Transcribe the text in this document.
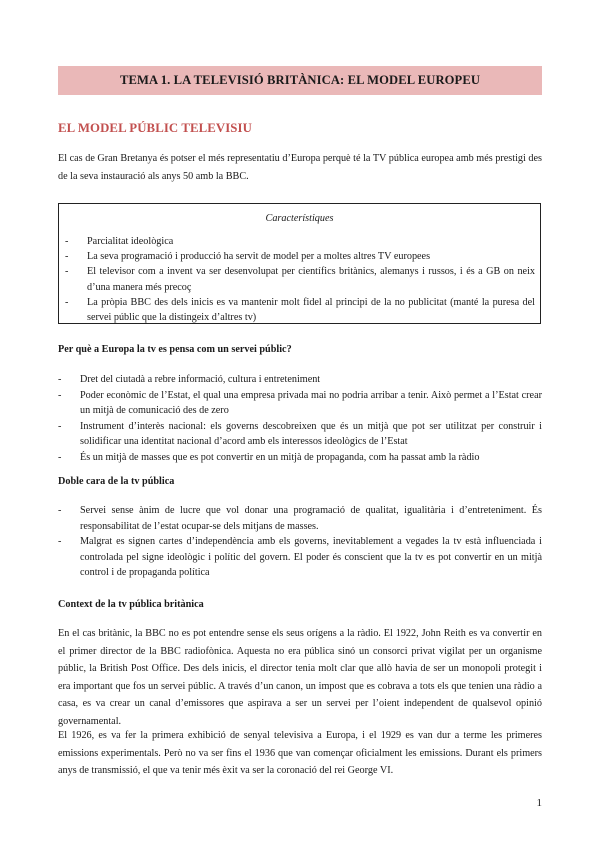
TEMA 1. LA TELEVISIÓ BRITÀNICA: EL MODEL EUROPEU
EL MODEL PÚBLIC TELEVISIU

El cas de Gran Bretanya és potser el més representatiu d’Europa perquè té la TV pública europea amb més prestigi des de la seva instauració als anys 50 amb la BBC.

Característiques
- Parcialitat ideològica
- La seva programació i producció ha servit de model per a moltes altres TV europees
- El televisor com a invent va ser desenvolupat per científics britànics, alemanys i russos, i és a GB on neix d’una manera més precoç
- La pròpia BBC des dels inicis es va mantenir molt fidel al principi de la no publicitat (manté la puresa del servei públic que la distingeix d’altres tv)
Per què a Europa la tv es pensa com un servei públic?
- Dret del ciutadà a rebre informació, cultura i entreteniment
- Poder econòmic de l’Estat, el qual una empresa privada mai no podria arribar a tenir. Això permet a l’Estat crear un mitjà de comunicació des de zero
- Instrument d’interès nacional: els governs descobreixen que és un mitjà que pot ser utilitzat per construir i solidificar una identitat nacional d’acord amb els interessos ideològics de l’Estat
- És un mitjà de masses que es pot convertir en un mitjà de propaganda, com ha passat amb la ràdio
Doble cara de la tv pública
- Servei sense ànim de lucre que vol donar una programació de qualitat, igualitària i d’entreteniment. És responsabilitat de l’estat ocupar-se dels mitjans de masses.
- Malgrat es signen cartes d’independència amb els governs, inevitablement a vegades la tv està influenciada i controlada pel signe ideològic i polític del govern. El poder és conscient que la tv es pot convertir en un mitjà control i de propaganda política
Context de la tv pública britànica

En el cas britànic, la BBC no es pot entendre sense els seus orígens a la ràdio. El 1922, John Reith es va convertir en el primer director de la BBC radiofònica. Aquesta no era pública sinó un consorci privat vigilat per un organisme públic, la British Post Office. Des dels inicis, el director tenia molt clar que allò havia de ser un monopoli protegit i era important que fos un servei públic. A través d’un canon, un impost que es cobrava a tots els que tenien una ràdio a casa, es va crear un canal d’emissores que aspirava a ser un servei per l’oient independent de qualsevol opinió governamental.

El 1926, es va fer la primera exhibició de senyal televisiva a Europa, i el 1929 es van dur a terme les primeres emissions experimentals. Però no va ser fins el 1936 que van començar oficialment les emissions. Durant els primers anys de transmissió, el que va tenir més èxit va ser la coronació del rei George VI.

1
